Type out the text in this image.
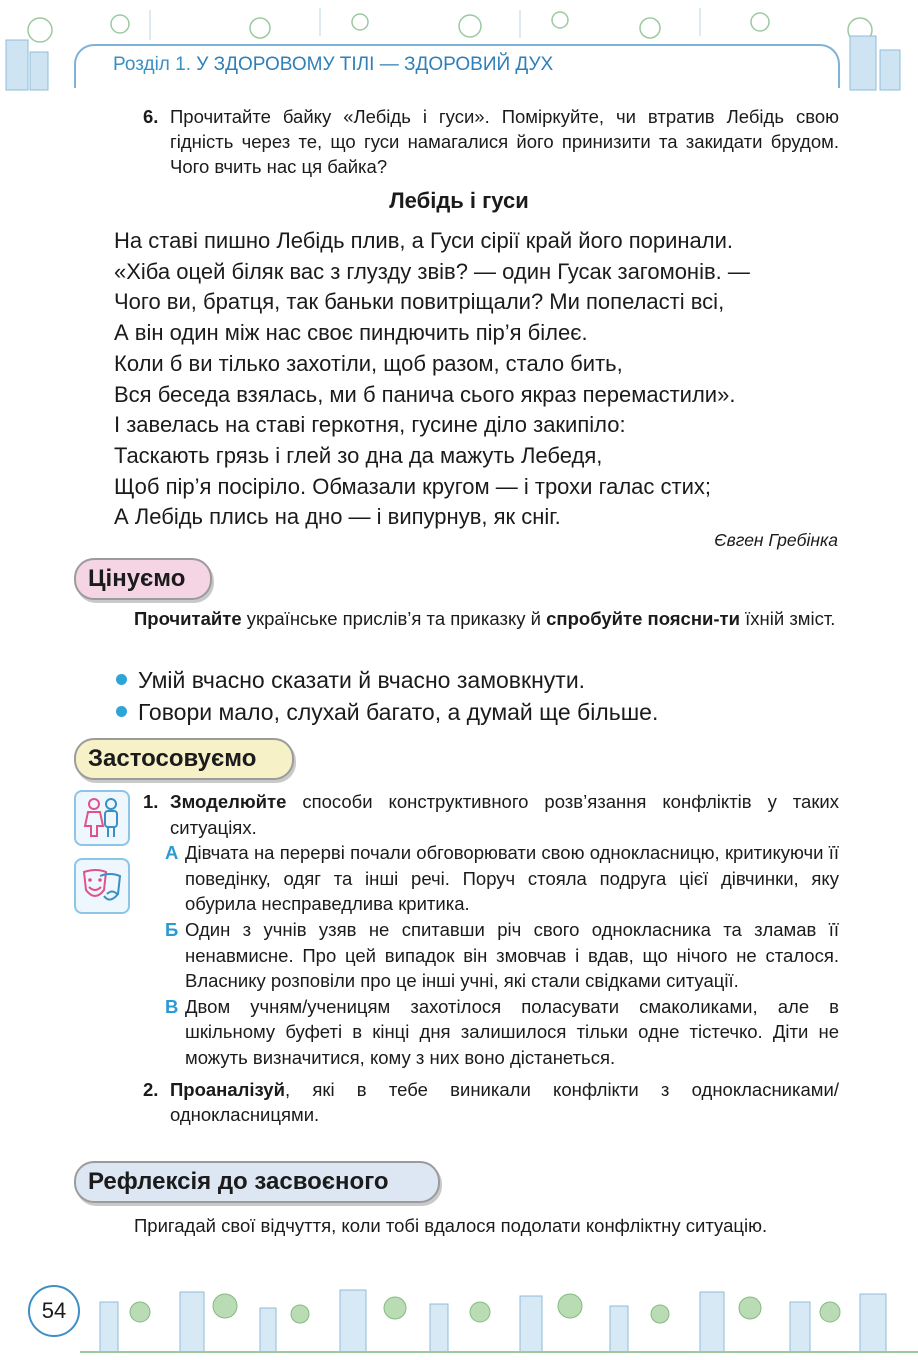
Розділ 1. У ЗДОРОВОМУ ТІЛІ — ЗДОРОВИЙ ДУХ
6. Прочитайте байку «Лебідь і гуси». Поміркуйте, чи втратив Лебідь свою гідність через те, що гуси намагалися його принизити та закидати брудом. Чого вчить нас ця байка?
Лебідь і гуси
На ставі пишно Лебідь плив, а Гуси сірії край його поринали.
«Хіба оцей біляк вас з глузду звів? — один Гусак загомонів. —
Чого ви, братця, так баньки повитріщали? Ми попеласті всі,
А він один між нас своє пиндючить пір’я білеє.
Коли б ви тілько захотіли, щоб разом, стало бить,
Вся беседа взялась, ми б панича сього якраз перемастили».
І завелась на ставі геркотня, гусине діло закипіло:
Таскають грязь і глей зо дна да мажуть Лебедя,
Щоб пір’я посіріло. Обмазали кругом — і трохи галас стих;
А Лебідь плись на дно — і випурнув, як сніг.
Євген Гребінка
Цінуємо
Прочитайте українське прислів’я та приказку й спробуйте поясни-ти їхній зміст.
Умій вчасно сказати й вчасно замовкнути.
Говори мало, слухай багато, а думай ще більше.
Застосовуємо
1. Змоделюйте способи конструктивного розв’язання конфліктів у таких ситуаціях.
А Дівчата на перерві почали обговорювати свою однокласницю, критикуючи її поведінку, одяг та інші речі. Поруч стояла подруга цієї дівчинки, яку обурила несправедлива критика.
Б Один з учнів узяв не спитавши річ свого однокласника та зламав її ненавмисне. Про цей випадок він змовчав і вдав, що нічого не сталося. Власнику розповіли про це інші учні, які стали свідками ситуації.
В Двом учням/ученицям захотілося поласувати смаколиками, але в шкільному буфеті в кінці дня залишилося тільки одне тістечко. Діти не можуть визначитися, кому з них воно дістанеться.
2. Проаналізуй, які в тебе виникали конфлікти з однокласниками/однокласницями.
Рефлексія до засвоєного
Пригадай свої відчуття, коли тобі вдалося подолати конфліктну ситуацію.
54
